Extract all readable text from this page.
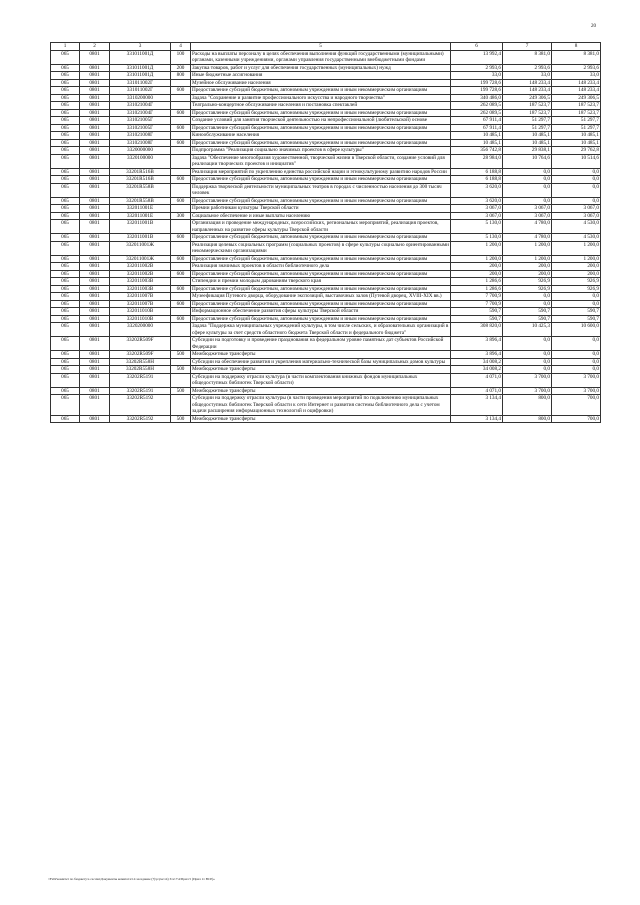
20
1	2	3	4	5	6	7	8
065	0801	331011001Д	100	Расходы на выплаты персоналу в целях обеспечения выполнения функций государственными (муниципальными) органами, казенными учреждениями, органами управления государственными внебюджетными фондами	13 992,4	8 381,0	8 381,0
065	0801	331011001Д	200	Закупка товаров, работ и услуг для обеспечения государственных (муниципальных) нужд	2 993,6	2 993,6	2 993,6
065	0801	331011001Д	800	Иные бюджетные ассигнования	33,0	33,0	33,0
065	0801	331011002Г		Музейное обслуживание населения	199 728,6	148 233,4	148 233,4
065	0801	331011002Г	600	Предоставление субсидий бюджетным, автономным учреждениям и иным некоммерческим организациям	199 728,6	148 233,4	148 233,4
065	0801	3310200000		Задача "Сохранение и развитие профессионального искусства и народного творчества"	340 486,0	249 306,5	249 306,5
065	0801	331021004Г		Театрально-концертное обслуживание населения и постановка спектаклей	262 089,5	187 523,7	187 523,7
065	0801	331021004Г	600	Предоставление субсидий бюджетным, автономным учреждениям и иным некоммерческим организациям	262 089,5	187 523,7	187 523,7
065	0801	331021005Г		Создание условий для занятия творческой деятельностью на непрофессиональной (любительской) основе	67 911,4	51 297,7	51 297,7
065	0801	331021005Г	600	Предоставление субсидий бюджетным, автономным учреждениям и иным некоммерческим организациям	67 911,4	51 297,7	51 297,7
065	0801	331021008Г		Кинообслуживание населения	10 485,1	10 485,1	10 485,1
065	0801	331021008Г	600	Предоставление субсидий бюджетным, автономным учреждениям и иным некоммерческим организациям	10 485,1	10 485,1	10 485,1
065	0801	3320000000		Подпрограмма "Реализация социально значимых проектов в сфере культуры"	356 742,8	29 838,1	29 762,8
065	0801	3320100000		Задача "Обеспечение многообразия художественной, творческой жизни в Тверской области, создание условий для реализации творческих проектов и инициатив"	28 984,0	10 764,6	10 514,6
065	0801	33201R516В		Реализация мероприятий по укреплению единства российской нации и этнокультурному развитию народов России	6 188,8	0,0	0,0
065	0801	33201R516В	600	Предоставление субсидий бюджетным, автономным учреждениям и иным некоммерческим организациям	6 188,8	0,0	0,0
065	0801	33201R558В		Поддержка творческой деятельности муниципальных театров в городах с численностью населения до 300 тысяч человек	3 620,0	0,0	0,0
065	0801	33201R558В	600	Предоставление субсидий бюджетным, автономным учреждениям и иным некоммерческим организациям	3 620,0	0,0	0,0
065	0801	332011001Е		Премии работникам культуры Тверской области	3 067,0	3 067,0	3 067,0
065	0801	332011001Е	300	Социальное обеспечение и иные выплаты населению	3 067,0	3 067,0	3 067,0
065	0801	332011001В		Организация и проведение международных, всероссийских, региональных мероприятий, реализация проектов, направленных на развитие сферы культуры Тверской области	5 130,0	4 780,0	4 530,0
065	0801	332011001В	600	Предоставление субсидий бюджетным, автономным учреждениям и иным некоммерческим организациям	5 130,0	4 780,0	4 530,0
065	0801	332011001Ж		Реализация целевых социальных программ (социальных проектов) в сфере культуры социально ориентированными некоммерческими организациями	1 200,0	1 200,0	1 200,0
065	0801	332011001Ж	600	Предоставление субсидий бюджетным, автономным учреждениям и иным некоммерческим организациям	1 200,0	1 200,0	1 200,0
065	0801	332011002В		Реализация значимых проектов в области библиотечного дела	200,0	200,0	200,0
065	0801	332011002В	600	Предоставление субсидий бюджетным, автономным учреждениям и иным некоммерческим организациям	200,0	200,0	200,0
065	0801	332011003В		Стипендии и премии молодым дарованиям тверского края	1 286,6	926,9	926,9
065	0801	332011003В	600	Предоставление субсидий бюджетным, автономным учреждениям и иным некоммерческим организациям	1 286,6	926,9	926,9
065	0801	332011007В		Музеефикация Путевого дворца, оборудование экспозиций, выставочных залов (Путевой дворец, XVIII-XIX вв.)	7 700,9	0,0	0,0
065	0801	332011007В	600	Предоставление субсидий бюджетным, автономным учреждениям и иным некоммерческим организациям	7 700,9	0,0	0,0
065	0801	332011010В		Информационное обеспечение развития сферы культуры Тверской области	590,7	590,7	590,7
065	0801	332011010В	600	Предоставление субсидий бюджетным, автономным учреждениям и иным некоммерческим организациям	590,7	590,7	590,7
065	0801	3320200000		Задача "Поддержка муниципальных учреждений культуры, в том числе сельских, и образовательных организаций в сфере культуры за счет средств областного бюджета Тверской области и федерального бюджета"	308 820,0	10 425,3	10 600,0
065	0801	33202R509F		Субсидии на подготовку и проведение празднования на федеральном уровне памятных дат субъектов Российской Федерации	3 896,4	0,0	0,0
065	0801	33202R509F	500	Межбюджетные трансферты	3 896,4	0,0	0,0
065	0801	33202R558Н		Субсидии на обеспечение развития и укрепления материально-технической базы муниципальных домов культуры	34 008,2	0,0	0,0
065	0801	33202R558Н	500	Межбюджетные трансферты	34 008,2	0,0	0,0
065	0801	33202R5191		Субсидии на поддержку отрасли культура (в части комплектования книжных фондов муниципальных общедоступных библиотек Тверской области)	4 071,0	3 700,0	3 700,0
065	0801	33202R5191	500	Межбюджетные трансферты	4 071,0	3 700,0	3 700,0
065	0801	33202R5192		Субсидии на поддержку отрасли культуры (в части проведения мероприятий по подключению муниципальных общедоступных библиотек Тверской области к сети Интернет и развития системы библиотечного дела с учетом задачи расширения информационных технологий и оцифровки)	3 134,4	800,0	700,0
065	0801	33202R5192	500	Межбюджетные трансферты	3 134,4	800,0	700,0
\\Fs02\комитет по бюджету\а сессия\Документы комитета\14 заседание (7)\р\р\к\14) 312-7\4\Прил 5 (Прил 11 ВСР)»
